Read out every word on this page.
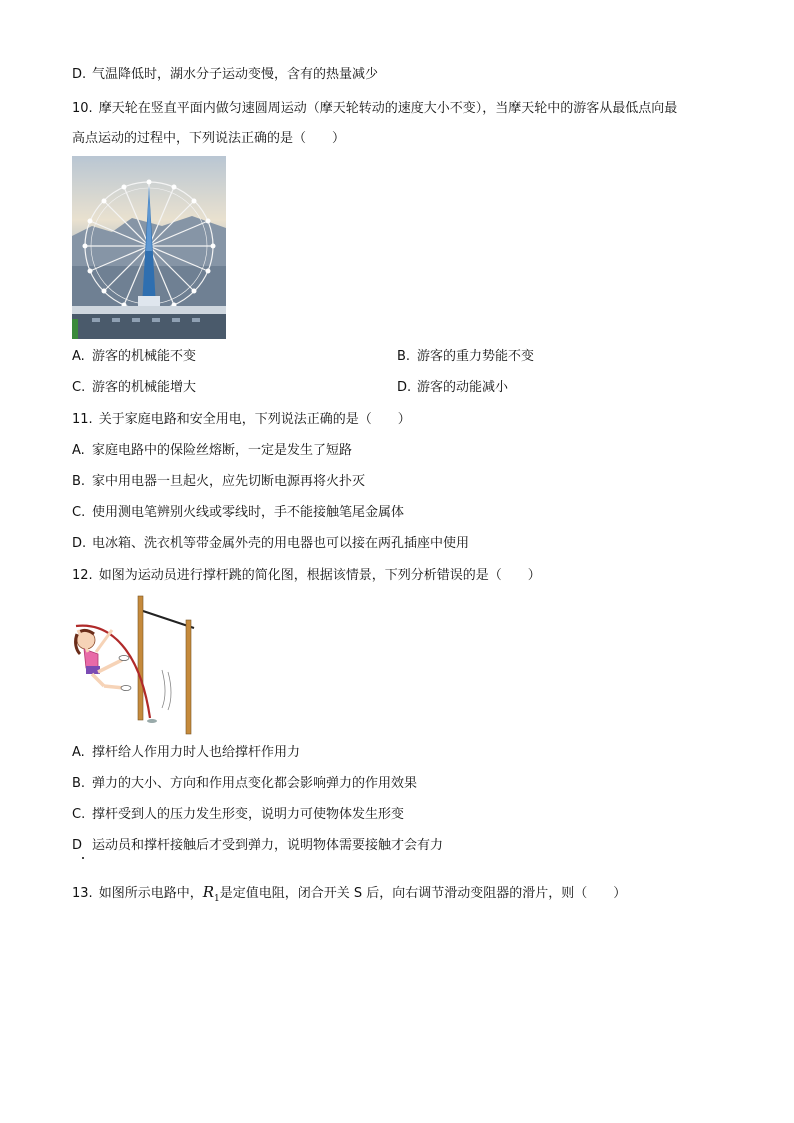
D. 气温降低时，湖水分子运动变慢，含有的热量减少
10. 摩天轮在竖直平面内做匀速圆周运动（摩天轮转动的速度大小不变），当摩天轮中的游客从最低点向最
高点运动的过程中，下列说法正确的是（　　）
A. 游客的机械能不变	B. 游客的重力势能不变
C. 游客的机械能增大	D. 游客的动能减小
11. 关于家庭电路和安全用电，下列说法正确的是（　　）
A. 家庭电路中的保险丝熔断，一定是发生了短路
B. 家中用电器一旦起火，应先切断电源再将火扑灭
C. 使用测电笔辨别火线或零线时，手不能接触笔尾金属体
D. 电冰箱、洗衣机等带金属外壳的用电器也可以接在两孔插座中使用
12. 如图为运动员进行撑杆跳的简化图，根据该情景，下列分析错误的是（　　）
A. 撑杆给人作用力时人也给撑杆作用力
B. 弹力的大小、方向和作用点变化都会影响弹力的作用效果
C. 撑杆受到人的压力发生形变，说明力可使物体发生形变
D 运动员和撑杆接触后才受到弹力，说明物体需要接触才会有力
13. 如图所示电路中，$R_1$是定值电阻，闭合开关 S 后，向右调节滑动变阻器的滑片，则（　　）
